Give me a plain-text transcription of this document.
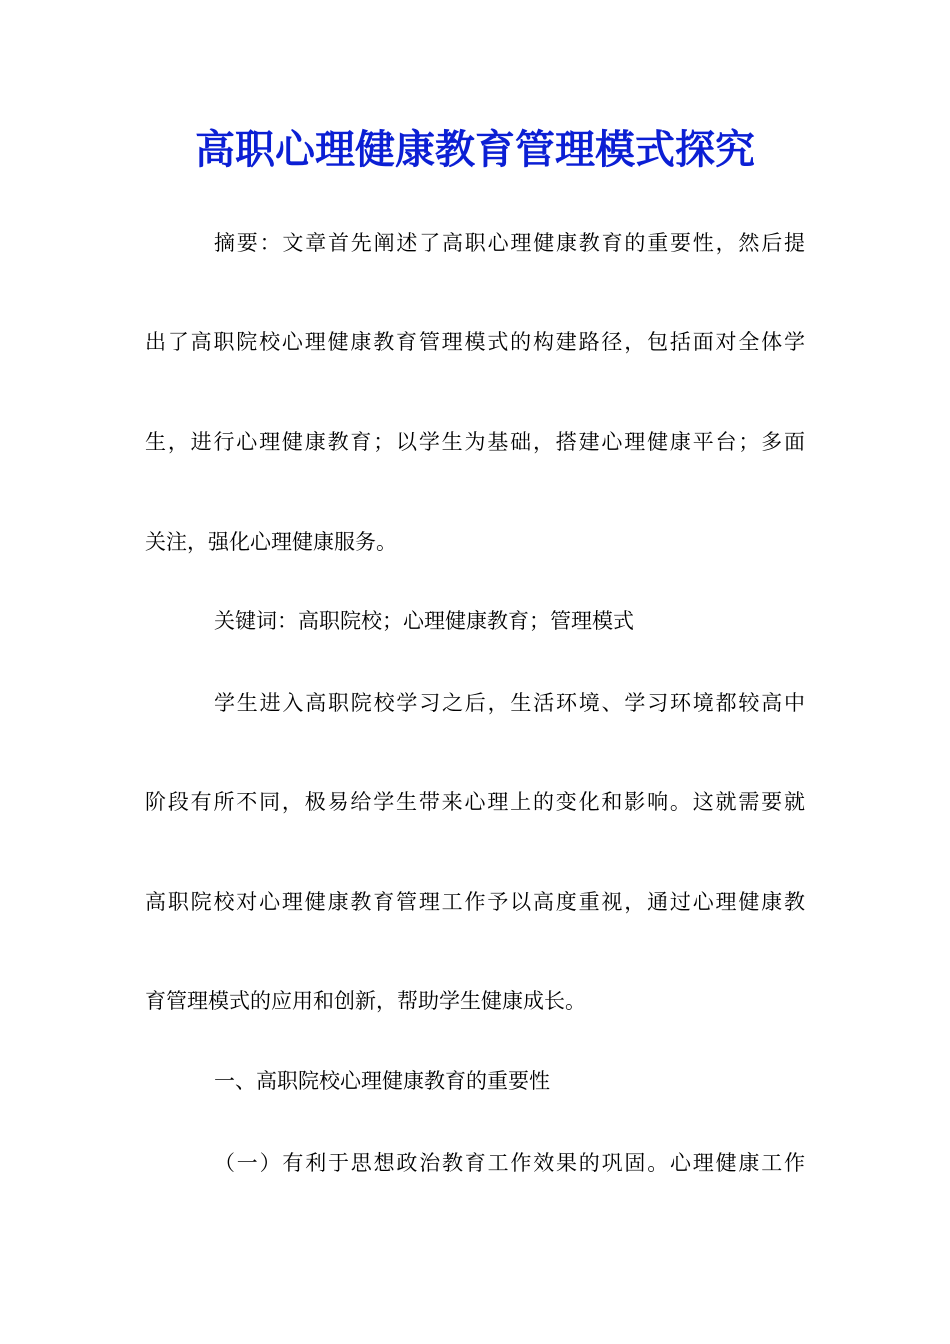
高职心理健康教育管理模式探究
摘要：文章首先阐述了高职心理健康教育的重要性，然后提
出了高职院校心理健康教育管理模式的构建路径，包括面对全体学
生，进行心理健康教育；以学生为基础，搭建心理健康平台；多面
关注，强化心理健康服务。
关键词：高职院校；心理健康教育；管理模式
学生进入高职院校学习之后，生活环境、学习环境都较高中
阶段有所不同，极易给学生带来心理上的变化和影响。这就需要就
高职院校对心理健康教育管理工作予以高度重视，通过心理健康教
育管理模式的应用和创新，帮助学生健康成长。
一、高职院校心理健康教育的重要性
（一）有利于思想政治教育工作效果的巩固。心理健康工作
